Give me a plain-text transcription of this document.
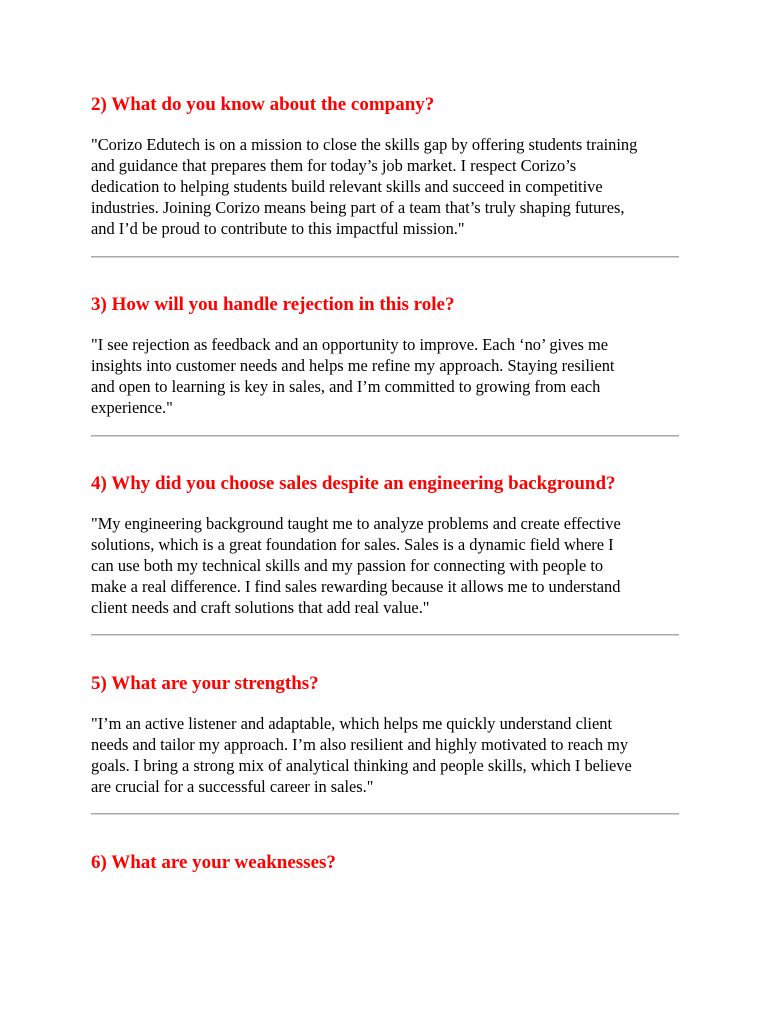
2) What do you know about the company?
"Corizo Edutech is on a mission to close the skills gap by offering students training
and guidance that prepares them for today’s job market. I respect Corizo’s
dedication to helping students build relevant skills and succeed in competitive
industries. Joining Corizo means being part of a team that’s truly shaping futures,
and I’d be proud to contribute to this impactful mission."
3) How will you handle rejection in this role?
"I see rejection as feedback and an opportunity to improve. Each ‘no’ gives me
insights into customer needs and helps me refine my approach. Staying resilient
and open to learning is key in sales, and I’m committed to growing from each
experience."
4) Why did you choose sales despite an engineering background?
"My engineering background taught me to analyze problems and create effective
solutions, which is a great foundation for sales. Sales is a dynamic field where I
can use both my technical skills and my passion for connecting with people to
make a real difference. I find sales rewarding because it allows me to understand
client needs and craft solutions that add real value."
5) What are your strengths?
"I’m an active listener and adaptable, which helps me quickly understand client
needs and tailor my approach. I’m also resilient and highly motivated to reach my
goals. I bring a strong mix of analytical thinking and people skills, which I believe
are crucial for a successful career in sales."
6) What are your weaknesses?
